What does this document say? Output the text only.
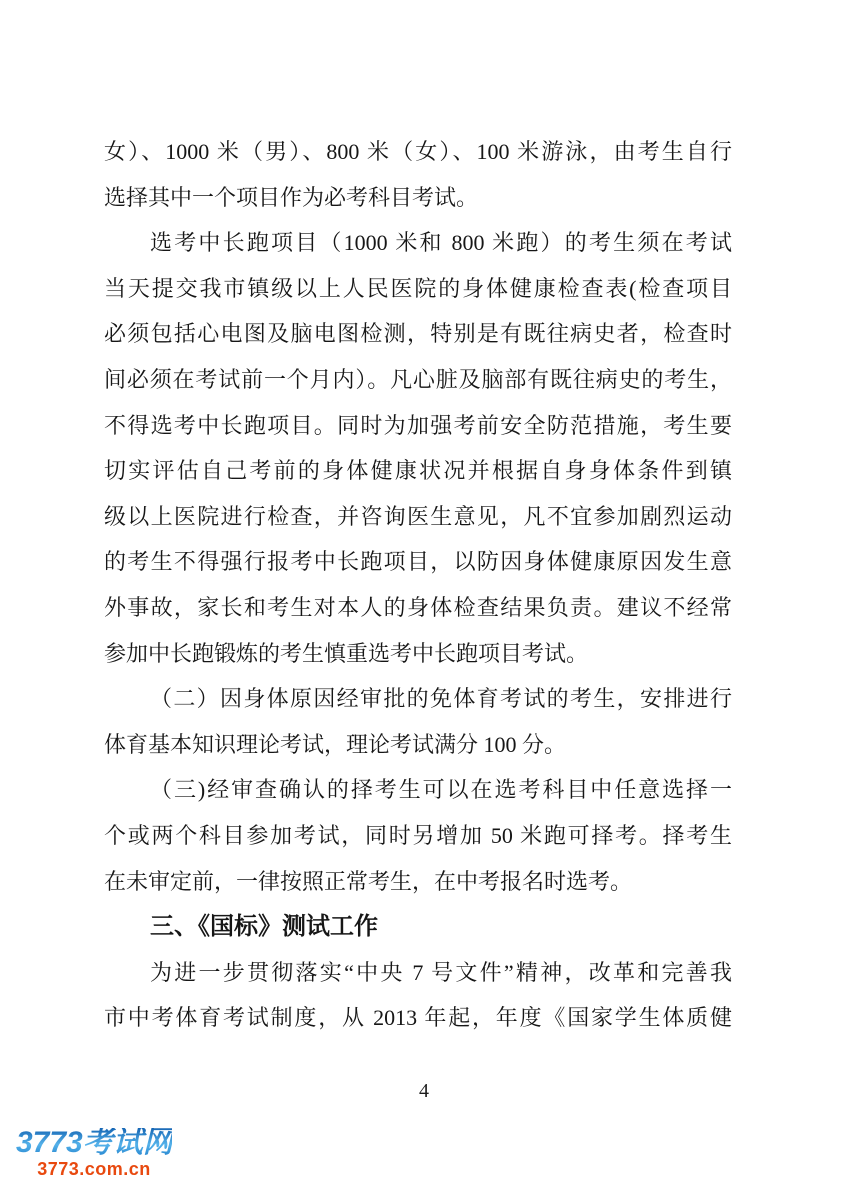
女）、1000 米（男）、800 米（女）、100 米游泳，由考生自行
选择其中一个项目作为必考科目考试。
选考中长跑项目（1000 米和 800 米跑）的考生须在考试
当天提交我市镇级以上人民医院的身体健康检查表(检查项目
必须包括心电图及脑电图检测，特别是有既往病史者，检查时
间必须在考试前一个月内）。凡心脏及脑部有既往病史的考生，
不得选考中长跑项目。同时为加强考前安全防范措施，考生要
切实评估自己考前的身体健康状况并根据自身身体条件到镇
级以上医院进行检查，并咨询医生意见，凡不宜参加剧烈运动
的考生不得强行报考中长跑项目，以防因身体健康原因发生意
外事故，家长和考生对本人的身体检查结果负责。建议不经常
参加中长跑锻炼的考生慎重选考中长跑项目考试。
（二）因身体原因经审批的免体育考试的考生，安排进行
体育基本知识理论考试，理论考试满分 100 分。
（三)经审查确认的择考生可以在选考科目中任意选择一
个或两个科目参加考试，同时另增加 50 米跑可择考。择考生
在未审定前，一律按照正常考生，在中考报名时选考。
三、《国标》测试工作
为进一步贯彻落实“中央 7 号文件”精神，改革和完善我
市中考体育考试制度，从 2013 年起，年度《国家学生体质健
4
3773考试网
3773.com.cn
